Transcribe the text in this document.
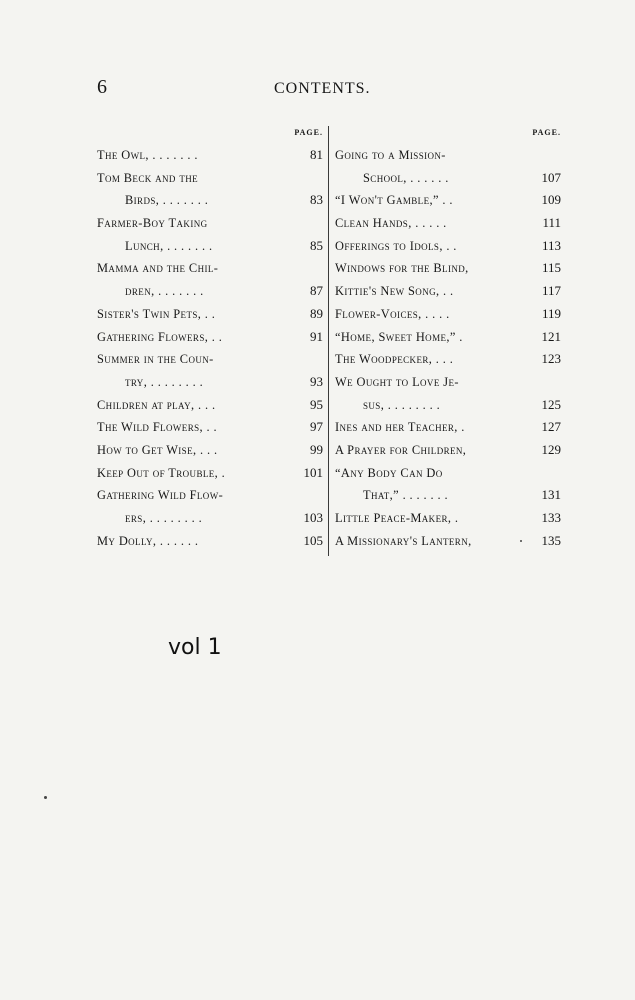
6	CONTENTS.
PAGE.
The Owl, . . . . . . .	81
Tom Beck and the
Birds, . . . . . . .	83
Farmer-Boy Taking
Lunch, . . . . . . .	85
Mamma and the Chil-
dren, . . . . . . .	87
Sister's Twin Pets, . .	89
Gathering Flowers, . .	91
Summer in the Coun-
try, . . . . . . . .	93
Children at play, . . .	95
The Wild Flowers, . .	97
How to Get Wise, . . .	99
Keep Out of Trouble, .	101
Gathering Wild Flow-
ers, . . . . . . . .	103
My Dolly, . . . . . .	105
PAGE.
Going to a Mission-
School, . . . . . .	107
“I Won't Gamble,” . .	109
Clean Hands, . . . . .	111
Offerings to Idols, . .	113
Windows for the Blind,	115
Kittie's New Song, . .	117
Flower-Voices, . . . .	119
“Home, Sweet Home,” .	121
The Woodpecker, . . .	123
We Ought to Love Je-
sus, . . . . . . . .	125
Ines and her Teacher, .	127
A Prayer for Children,	129
“Any Body Can Do
That,” . . . . . . .	131
Little Peace-Maker, .	133
A Missionary's Lantern,	135
vol 1
